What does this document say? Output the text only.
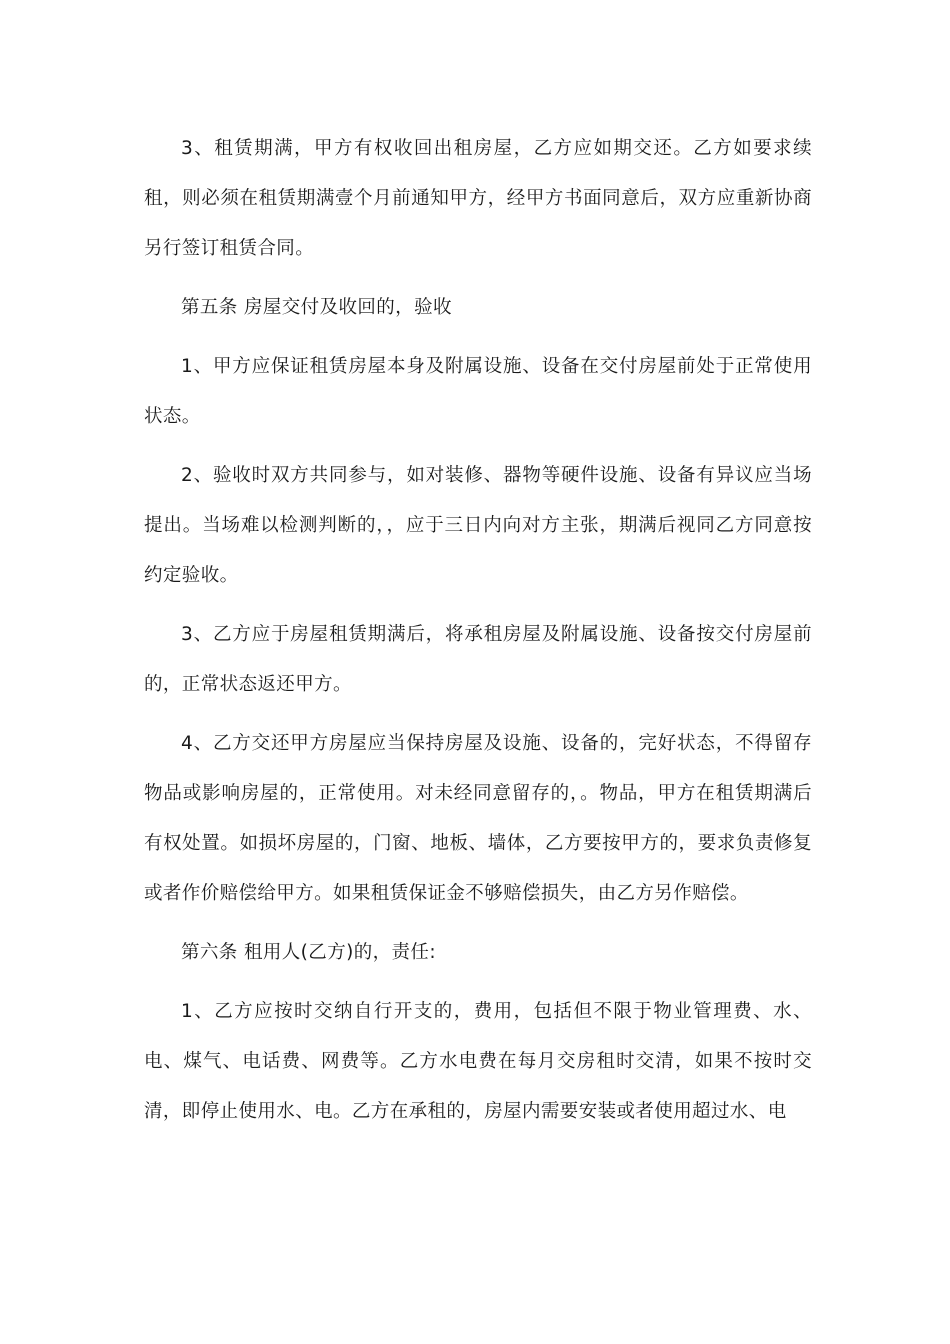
3、租赁期满，甲方有权收回出租房屋，乙方应如期交还。乙方如要求续租，则必须在租赁期满壹个月前通知甲方，经甲方书面同意后，双方应重新协商另行签订租赁合同。

第五条 房屋交付及收回的，验收

1、甲方应保证租赁房屋本身及附属设施、设备在交付房屋前处于正常使用状态。

2、验收时双方共同参与，如对装修、器物等硬件设施、设备有异议应当场提出。当场难以检测判断的，，应于三日内向对方主张，期满后视同乙方同意按约定验收。

3、乙方应于房屋租赁期满后，将承租房屋及附属设施、设备按交付房屋前的，正常状态返还甲方。

4、乙方交还甲方房屋应当保持房屋及设施、设备的，完好状态，不得留存物品或影响房屋的，正常使用。对未经同意留存的，。物品，甲方在租赁期满后有权处置。如损坏房屋的，门窗、地板、墙体，乙方要按甲方的，要求负责修复或者作价赔偿给甲方。如果租赁保证金不够赔偿损失，由乙方另作赔偿。

第六条 租用人(乙方)的，责任:

1、乙方应按时交纳自行开支的，费用，包括但不限于物业管理费、水、电、煤气、电话费、网费等。乙方水电费在每月交房租时交清，如果不按时交清，即停止使用水、电。乙方在承租的，房屋内需要安装或者使用超过水、电
